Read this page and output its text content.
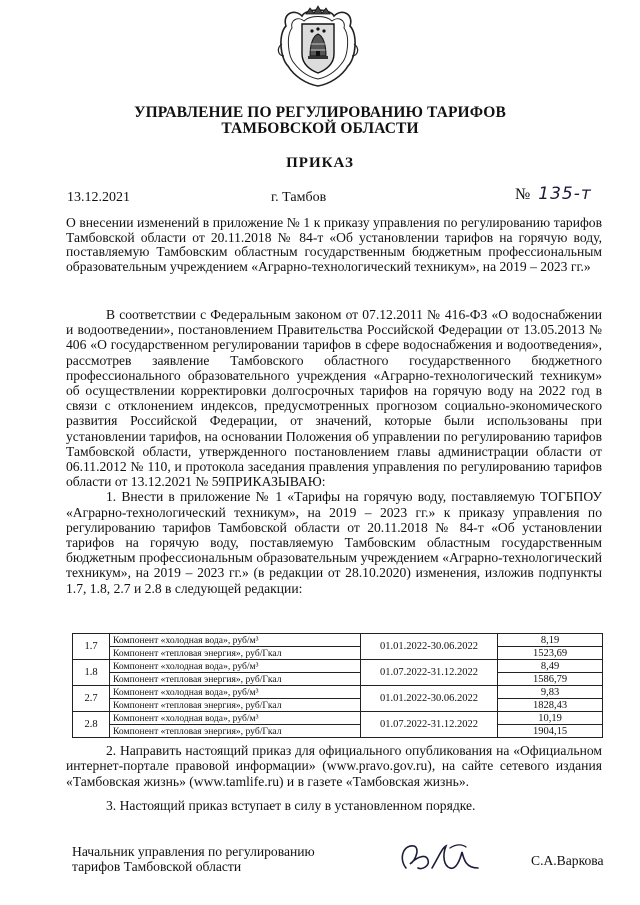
УПРАВЛЕНИЕ ПО РЕГУЛИРОВАНИЮ ТАРИФОВ
ТАМБОВСКОЙ ОБЛАСТИ
ПРИКАЗ
13.12.2021	г. Тамбов	№ 135-т
О внесении изменений в приложение № 1 к приказу управления по регулированию тарифов Тамбовской области от 20.11.2018 № 84-т «Об установлении тарифов на горячую воду, поставляемую Тамбовским областным государственным бюджетным профессиональным образовательным учреждением «Аграрно-технологический техникум», на 2019 – 2023 гг.»

В соответствии с Федеральным законом от 07.12.2011 № 416-ФЗ «О водоснабжении и водоотведении», постановлением Правительства Российской Федерации от 13.05.2013 № 406 «О государственном регулировании тарифов в сфере водоснабжения и водоотведения», рассмотрев заявление Тамбовского областного государственного бюджетного профессионального образовательного учреждения «Аграрно-технологический техникум» об осуществлении корректировки долгосрочных тарифов на горячую воду на 2022 год в связи с отклонением индексов, предусмотренных прогнозом социально-экономического развития Российской Федерации, от значений, которые были использованы при установлении тарифов, на основании Положения об управлении по регулированию тарифов Тамбовской области, утвержденного постановлением главы администрации области от 06.11.2012 № 110, и протокола заседания правления управления по регулированию тарифов области от 13.12.2021 № 59ПРИКАЗЫВАЮ:

1. Внести в приложение № 1 «Тарифы на горячую воду, поставляемую ТОГБПОУ «Аграрно-технологический техникум», на 2019 – 2023 гг.» к приказу управления по регулированию тарифов Тамбовской области от 20.11.2018 № 84-т «Об установлении тарифов на горячую воду, поставляемую Тамбовским областным государственным бюджетным профессиональным образовательным учреждением «Аграрно-технологический техникум», на 2019 – 2023 гг.» (в редакции от 28.10.2020) изменения, изложив подпункты 1.7, 1.8, 2.7 и 2.8 в следующей редакции:

1.7	Компонент «холодная вода», руб/м³	01.01.2022-30.06.2022	8,19
	Компонент «тепловая энергия», руб/Гкал		1523,69
1.8	Компонент «холодная вода», руб/м³	01.07.2022-31.12.2022	8,49
	Компонент «тепловая энергия», руб/Гкал		1586,79
2.7	Компонент «холодная вода», руб/м³	01.01.2022-30.06.2022	9,83
	Компонент «тепловая энергия», руб/Гкал		1828,43
2.8	Компонент «холодная вода», руб/м³	01.07.2022-31.12.2022	10,19
	Компонент «тепловая энергия», руб/Гкал		1904,15

2. Направить настоящий приказ для официального опубликования на «Официальном интернет-портале правовой информации» (www.pravo.gov.ru), на сайте сетевого издания «Тамбовская жизнь» (www.tamlife.ru) и в газете «Тамбовская жизнь».

3. Настоящий приказ вступает в силу в установленном порядке.

Начальник управления по регулированию
тарифов Тамбовской области	С.А.Варкова
